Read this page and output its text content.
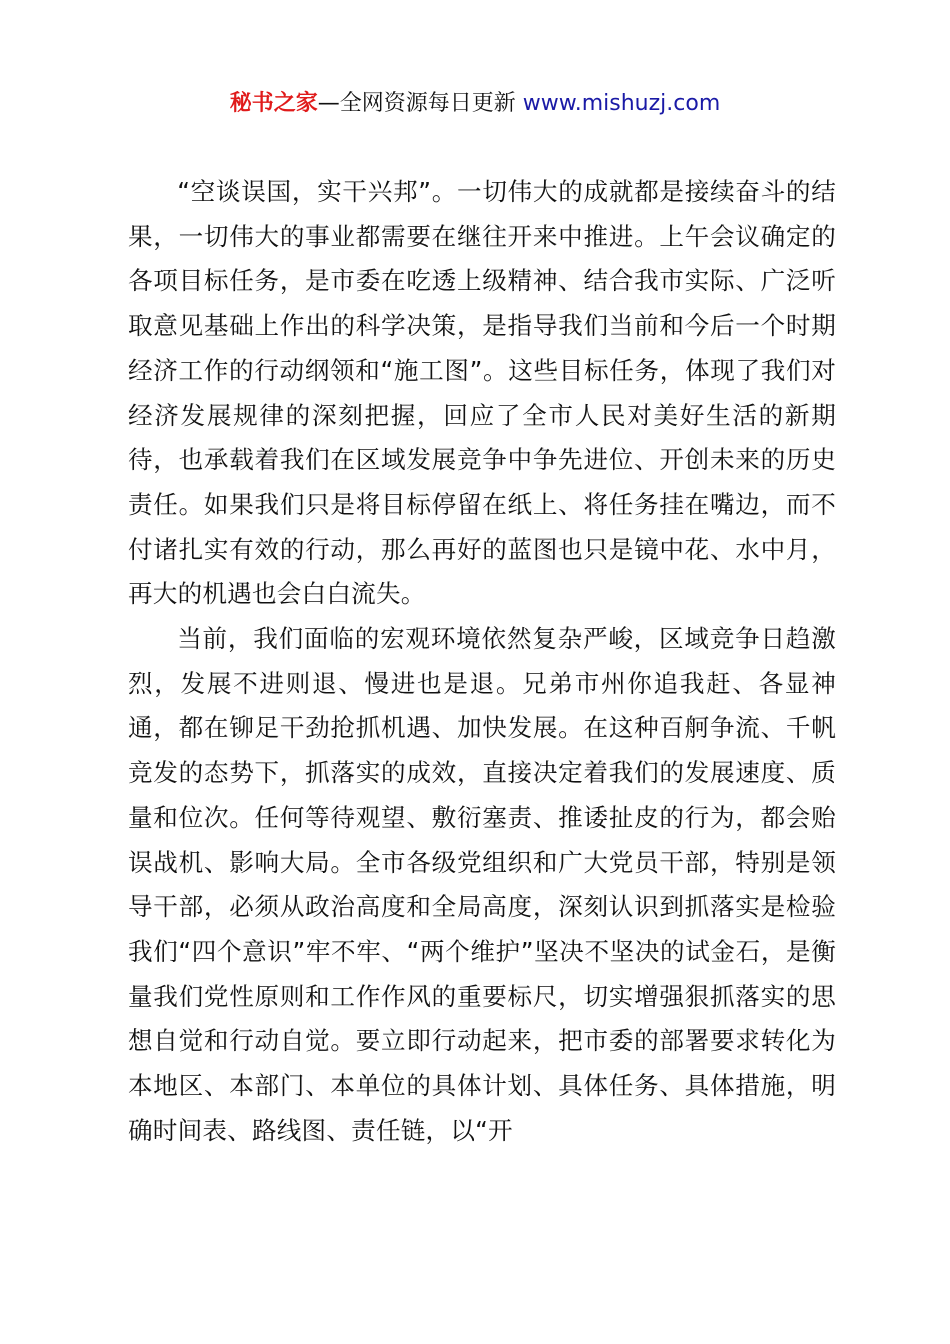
秘书之家—全网资源每日更新 www.mishuzj.com

“空谈误国，实干兴邦”。一切伟大的成就都是接续奋斗的结果，一切伟大的事业都需要在继往开来中推进。上午会议确定的各项目标任务，是市委在吃透上级精神、结合我市实际、广泛听取意见基础上作出的科学决策，是指导我们当前和今后一个时期经济工作的行动纲领和“施工图”。这些目标任务，体现了我们对经济发展规律的深刻把握，回应了全市人民对美好生活的新期待，也承载着我们在区域发展竞争中争先进位、开创未来的历史责任。如果我们只是将目标停留在纸上、将任务挂在嘴边，而不付诸扎实有效的行动，那么再好的蓝图也只是镜中花、水中月，再大的机遇也会白白流失。

当前，我们面临的宏观环境依然复杂严峻，区域竞争日趋激烈，发展不进则退、慢进也是退。兄弟市州你追我赶、各显神通，都在铆足干劲抢抓机遇、加快发展。在这种百舸争流、千帆竞发的态势下，抓落实的成效，直接决定着我们的发展速度、质量和位次。任何等待观望、敷衍塞责、推诿扯皮的行为，都会贻误战机、影响大局。全市各级党组织和广大党员干部，特别是领导干部，必须从政治高度和全局高度，深刻认识到抓落实是检验我们“四个意识”牢不牢、“两个维护”坚决不坚决的试金石，是衡量我们党性原则和工作作风的重要标尺，切实增强狠抓落实的思想自觉和行动自觉。要立即行动起来，把市委的部署要求转化为本地区、本部门、本单位的具体计划、具体任务、具体措施，明确时间表、路线图、责任链，以“开
